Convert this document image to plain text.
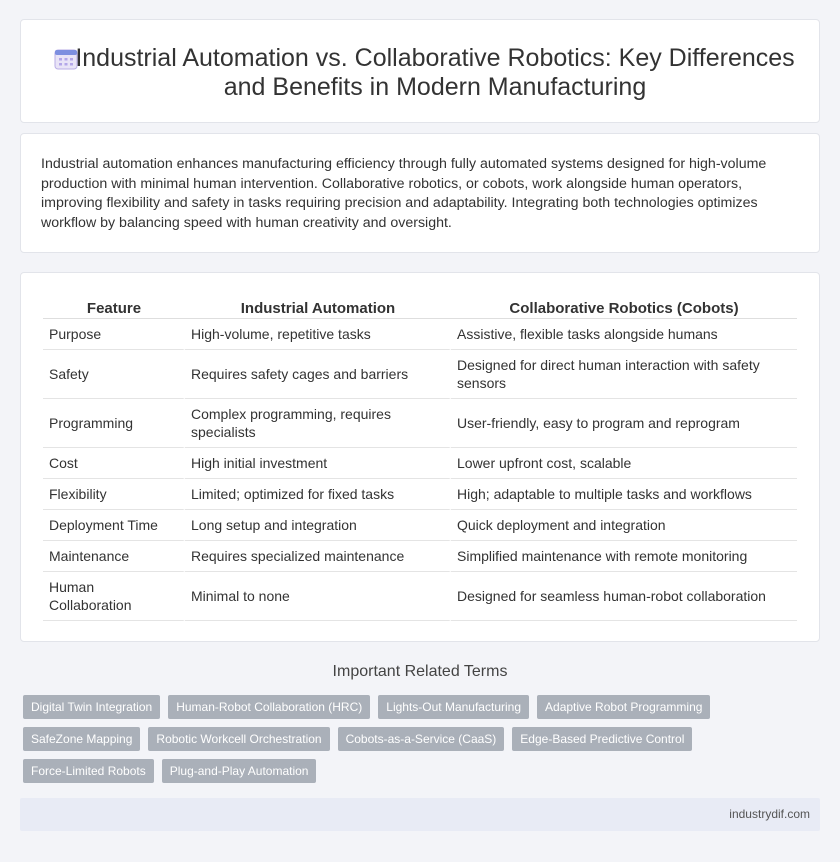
Industrial Automation vs. Collaborative Robotics: Key Differences and Benefits in Modern Manufacturing

Industrial automation enhances manufacturing efficiency through fully automated systems designed for high-volume production with minimal human intervention. Collaborative robotics, or cobots, work alongside human operators, improving flexibility and safety in tasks requiring precision and adaptability. Integrating both technologies optimizes workflow by balancing speed with human creativity and oversight.

Feature	Industrial Automation	Collaborative Robotics (Cobots)
Purpose	High-volume, repetitive tasks	Assistive, flexible tasks alongside humans
Safety	Requires safety cages and barriers	Designed for direct human interaction with safety sensors
Programming	Complex programming, requires specialists	User-friendly, easy to program and reprogram
Cost	High initial investment	Lower upfront cost, scalable
Flexibility	Limited; optimized for fixed tasks	High; adaptable to multiple tasks and workflows
Deployment Time	Long setup and integration	Quick deployment and integration
Maintenance	Requires specialized maintenance	Simplified maintenance with remote monitoring
Human Collaboration	Minimal to none	Designed for seamless human-robot collaboration
Important Related Terms
Digital Twin Integration	Human-Robot Collaboration (HRC)	Lights-Out Manufacturing	Adaptive Robot Programming
SafeZone Mapping	Robotic Workcell Orchestration	Cobots-as-a-Service (CaaS)	Edge-Based Predictive Control
Force-Limited Robots	Plug-and-Play Automation
industrydif.com
